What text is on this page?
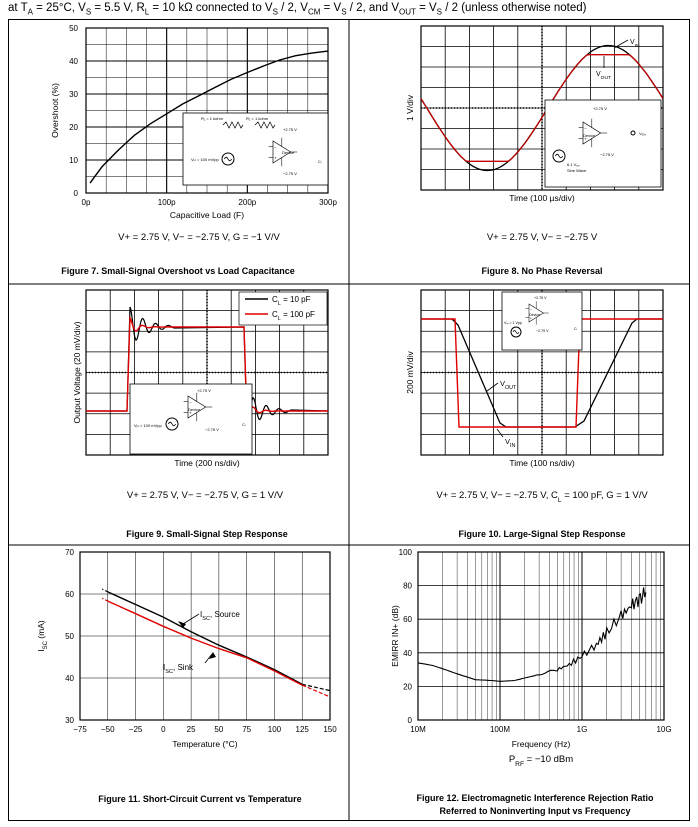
at $T_A = 25^\circ C$, $V_S = 5.5$ V, $R_L = 10$ kΩ connected to $V_S / 2$, $V_{CM} = V_S / 2$, and $V_{OUT} = V_S / 2$ (unless otherwise noted)
0
10
20
30
40
50
0p	100p	200p	300p
Capacitive Load (F)
Overshoot (%)
V+ = 2.75 V, V− = −2.75 V, G = −1 V/V
Figure 7. Small-Signal Overshoot vs Load Capacitance
R₁ = 1 kohm	R₂ = 1 kohm
+2.75 V
−
+
Device
−2.75 V
Cₗ
Vᵢₙ = 100 mVpp
$V_{IN}$
$V_{OUT}$
Time (100 µs/div)
1 V/div
V+ = 2.75 V, V− = −2.75 V
Figure 8. No Phase Reversal
+2.75 V
−
+
Device	Vₒᵤₜ
−2.75 V
6.1 Vₚₚ
Sine Wave
$C_L = 10$ pF
$C_L = 100$ pF
Time (200 ns/div)
Output Voltage (20 mV/div)
V+ = 2.75 V, V− = −2.75 V, G = 1 V/V
Figure 9. Small-Signal Step Response
+2.75 V
−
+
Device
−2.75 V
Vᵢₙ = 100 mVpp	Cₗ
$V_{OUT}$
$V_{IN}$
Time (100 ns/div)
200 mV/div
V+ = 2.75 V, V− = −2.75 V, $C_L = 100$ pF, G = 1 V/V
Figure 10. Large-Signal Step Response
+2.75 V
−
+
Device
−2.75 V
Vᵢₙ = 1 Vpp
Cₗ
30
40
50
60
70
−75 −50 −25 0	25 50 75 100 125 150
$I_{SC}$, Source
$I_{SC}$, Sink
Temperature (°C)
$I_{SC}$ (mA)
Figure 11. Short-Circuit Current vs Temperature
0
20
40
60
80
100
10M	100M	1G	10G
EMIRR IN+ (dB)
Frequency (Hz)
$P_{RF} = -10$ dBm
Figure 12. Electromagnetic Interference Rejection Ratio
Referred to Noninverting Input vs Frequency
